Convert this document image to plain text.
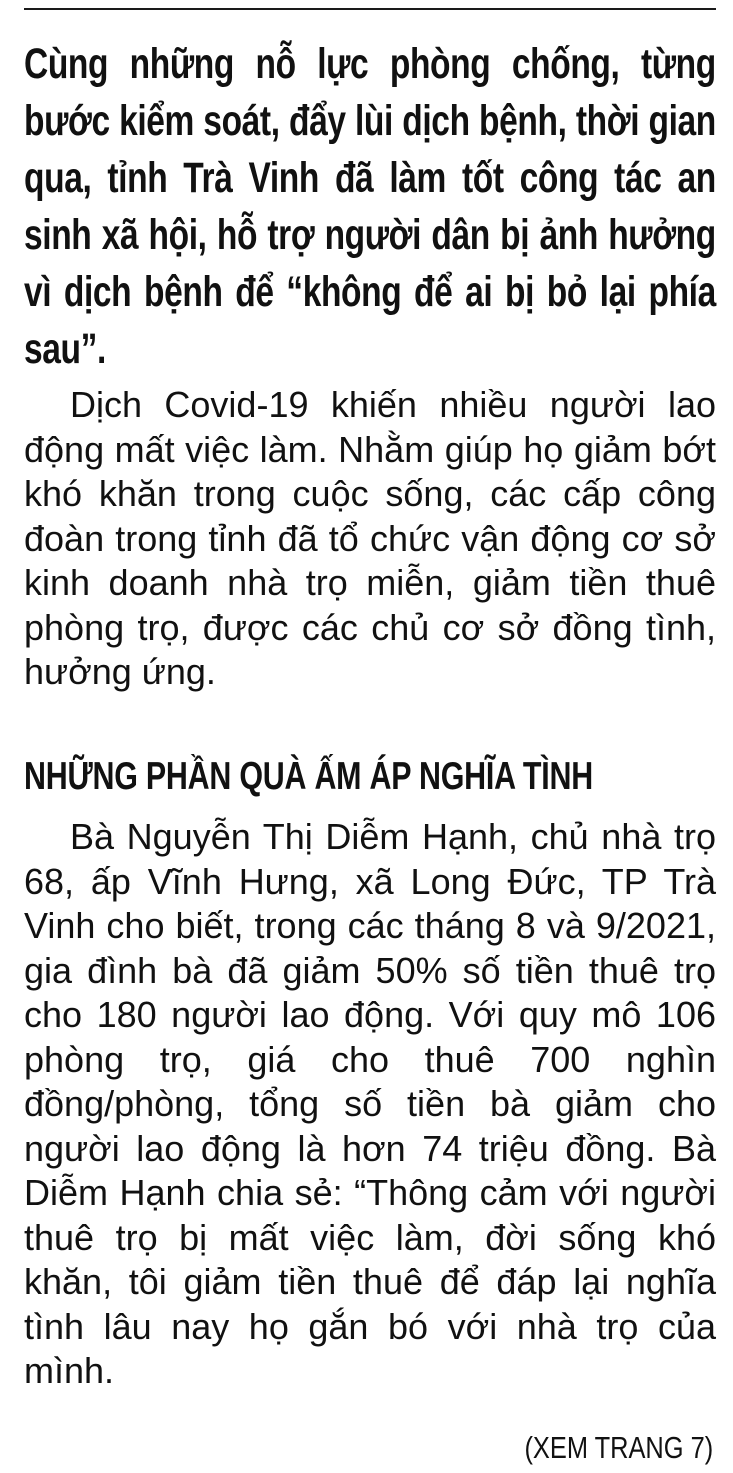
Cùng những nỗ lực phòng chống, từng bước kiểm soát, đẩy lùi dịch bệnh, thời gian qua, tỉnh Trà Vinh đã làm tốt công tác an sinh xã hội, hỗ trợ người dân bị ảnh hưởng vì dịch bệnh để “không để ai bị bỏ lại phía sau”.

Dịch Covid-19 khiến nhiều người lao động mất việc làm. Nhằm giúp họ giảm bớt khó khăn trong cuộc sống, các cấp công đoàn trong tỉnh đã tổ chức vận động cơ sở kinh doanh nhà trọ miễn, giảm tiền thuê phòng trọ, được các chủ cơ sở đồng tình, hưởng ứng.

NHỮNG PHẦN QUÀ ẤM ÁP NGHĨA TÌNH

Bà Nguyễn Thị Diễm Hạnh, chủ nhà trọ 68, ấp Vĩnh Hưng, xã Long Đức, TP Trà Vinh cho biết, trong các tháng 8 và 9/2021, gia đình bà đã giảm 50% số tiền thuê trọ cho 180 người lao động. Với quy mô 106 phòng trọ, giá cho thuê 700 nghìn đồng/phòng, tổng số tiền bà giảm cho người lao động là hơn 74 triệu đồng. Bà Diễm Hạnh chia sẻ: “Thông cảm với người thuê trọ bị mất việc làm, đời sống khó khăn, tôi giảm tiền thuê để đáp lại nghĩa tình lâu nay họ gắn bó với nhà trọ của mình.

(XEM TRANG 7)
